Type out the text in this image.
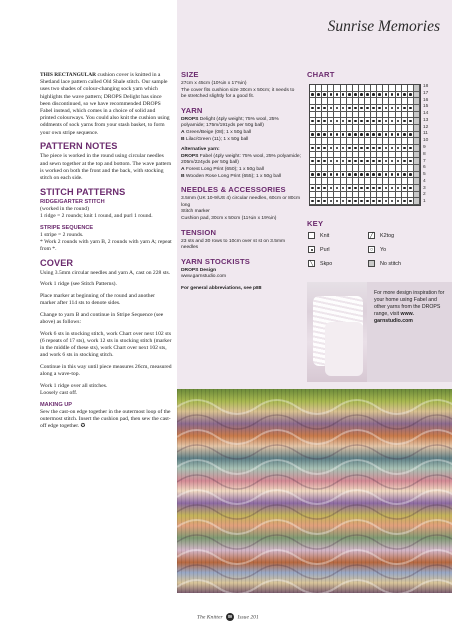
Sunrise Memories

THIS RECTANGULAR cushion cover is knitted in a Shetland lace pattern called Old Shale stitch. Our sample uses two shades of colour-changing sock yarn which highlights the wave pattern; DROPS Delight has since been discontinued, so we have recommended DROPS Fabel instead, which comes in a choice of solid and printed colourways. You could also knit the cushion using oddments of sock yarns from your stash basket, to form your own stripe sequence.

PATTERN NOTES

The piece is worked in the round using circular needles and sewn together at the top and bottom. The wave pattern is worked on both the front and the back, with stocking stitch on each side.

STITCH PATTERNS
RIDGE/GARTER STITCH

(worked in the round)
1 ridge = 2 rounds; knit 1 round, and purl 1 round.

STRIPE SEQUENCE

1 stripe = 2 rounds.
* Work 2 rounds with yarn B, 2 rounds with yarn A; repeat from *.

COVER

Using 3.5mm circular needles and yarn A, cast on 228 sts.

Work 1 ridge (see Stitch Patterns).

Place marker at beginning of the round and another marker after 114 sts to denote sides.

Change to yarn B and continue in Stripe Sequence (see above) as follows:

Work 6 sts in stocking stitch, work Chart over next 102 sts (6 repeats of 17 sts), work 12 sts in stocking stitch (marker in the middle of these sts), work Chart over next 102 sts, and work 6 sts in stocking stitch.

Continue in this way until piece measures 26cm, measured along a wave-top.

Work 1 ridge over all stitches.
Loosely cast off.

MAKING UP

Sew the cast-on edge together in the outermost loop of the outermost stitch. Insert the cushion pad, then sew the cast-off edge together. ✪

SIZE

27cm x 45cm (10¾in x 17¾in)
The cover fits cushion size 30cm x 50cm; it needs to be stretched slightly for a good fit.

YARN

DROPS Delight (4ply weight; 75% wool, 25% polyamide; 175m/191yds per 50g ball)
A Green/Beige (08); 1 x 50g ball
B Lilac/Green (11); 1 x 50g ball

Alternative yarn:
DROPS Fabel (4ply weight: 75% wool, 25% polyamide; 205m/224yds per 50g ball)
A Forest Long Print (650); 1 x 50g ball
B Wooden Rose Long Print (655); 1 x 50g ball

NEEDLES & ACCESSORIES

3.5mm (UK 10-9/US 4) circular needles, 60cm or 80cm long
Stitch marker
Cushion pad, 30cm x 50cm (11¾in x 19¾in)

TENSION

23 sts and 30 rows to 10cm over st st on 3.5mm needles

YARN STOCKISTS

DROPS Design
www.garnstudio.com

For general abbreviations, see p88

CHART
18
17
16
15
14
13
12
11
10
9
8
7
6
5
4
3
2
1
KEY
Knit
Purl
╲ Skpo
╱ K2tog
○ Yo
No stitch
For more design inspiration for your home using Fabel and other yarns from the DROPS range, visit www. garnstudio.com
The Knitter 80 Issue 201
